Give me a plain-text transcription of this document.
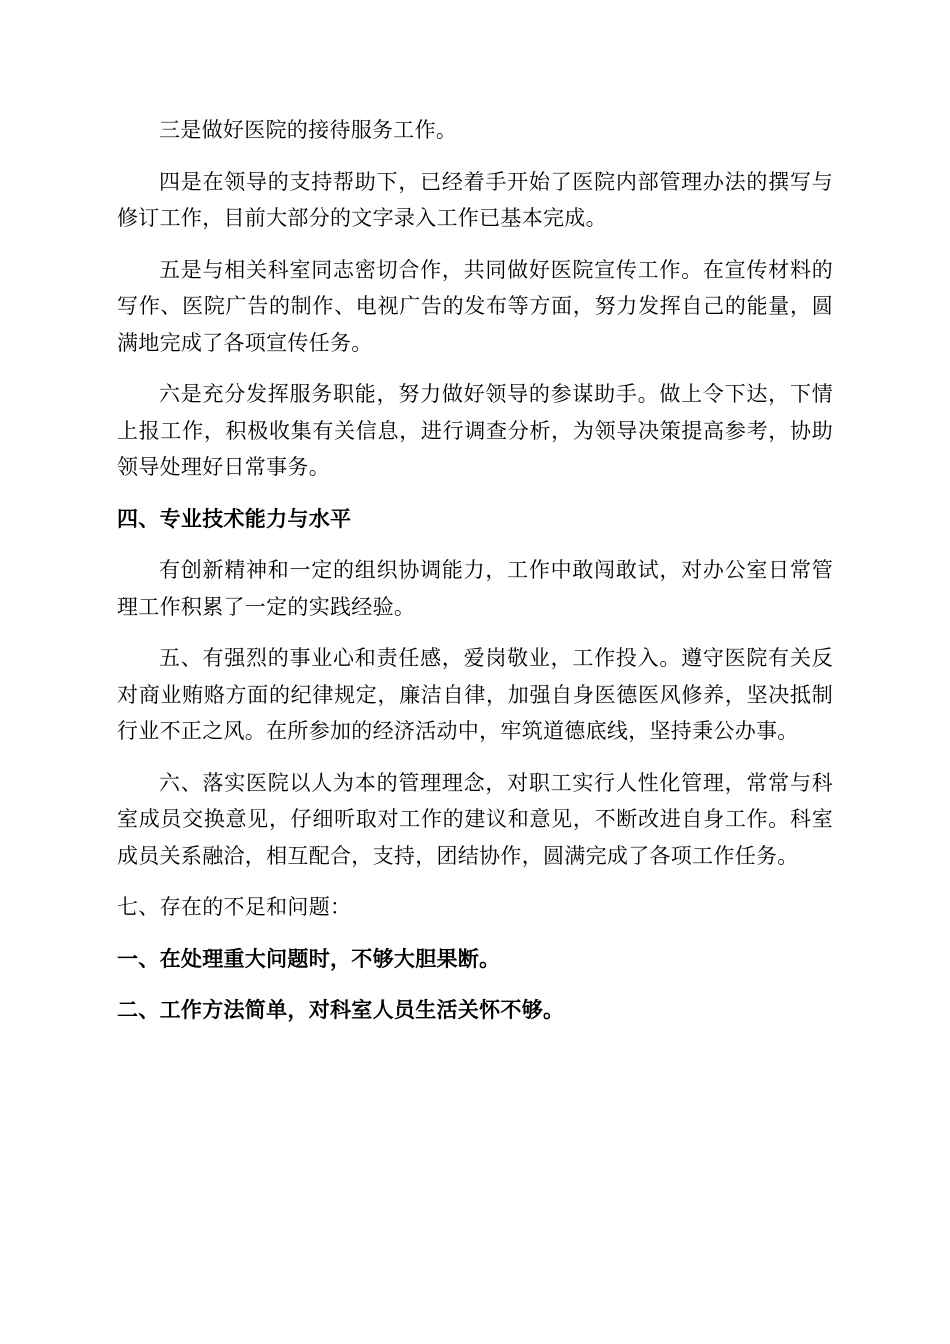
三是做好医院的接待服务工作。

四是在领导的支持帮助下，已经着手开始了医院内部管理办法的撰写与修订工作，目前大部分的文字录入工作已基本完成。

五是与相关科室同志密切合作，共同做好医院宣传工作。在宣传材料的写作、医院广告的制作、电视广告的发布等方面，努力发挥自己的能量，圆满地完成了各项宣传任务。

六是充分发挥服务职能，努力做好领导的参谋助手。做上令下达，下情上报工作，积极收集有关信息，进行调查分析，为领导决策提高参考，协助领导处理好日常事务。

四、专业技术能力与水平

有创新精神和一定的组织协调能力，工作中敢闯敢试，对办公室日常管理工作积累了一定的实践经验。

五、有强烈的事业心和责任感，爱岗敬业，工作投入。遵守医院有关反对商业贿赂方面的纪律规定，廉洁自律，加强自身医德医风修养，坚决抵制行业不正之风。在所参加的经济活动中，牢筑道德底线，坚持秉公办事。

六、落实医院以人为本的管理理念，对职工实行人性化管理，常常与科室成员交换意见，仔细听取对工作的建议和意见，不断改进自身工作。科室成员关系融洽，相互配合，支持，团结协作，圆满完成了各项工作任务。

七、存在的不足和问题：

一、在处理重大问题时，不够大胆果断。

二、工作方法简单，对科室人员生活关怀不够。
